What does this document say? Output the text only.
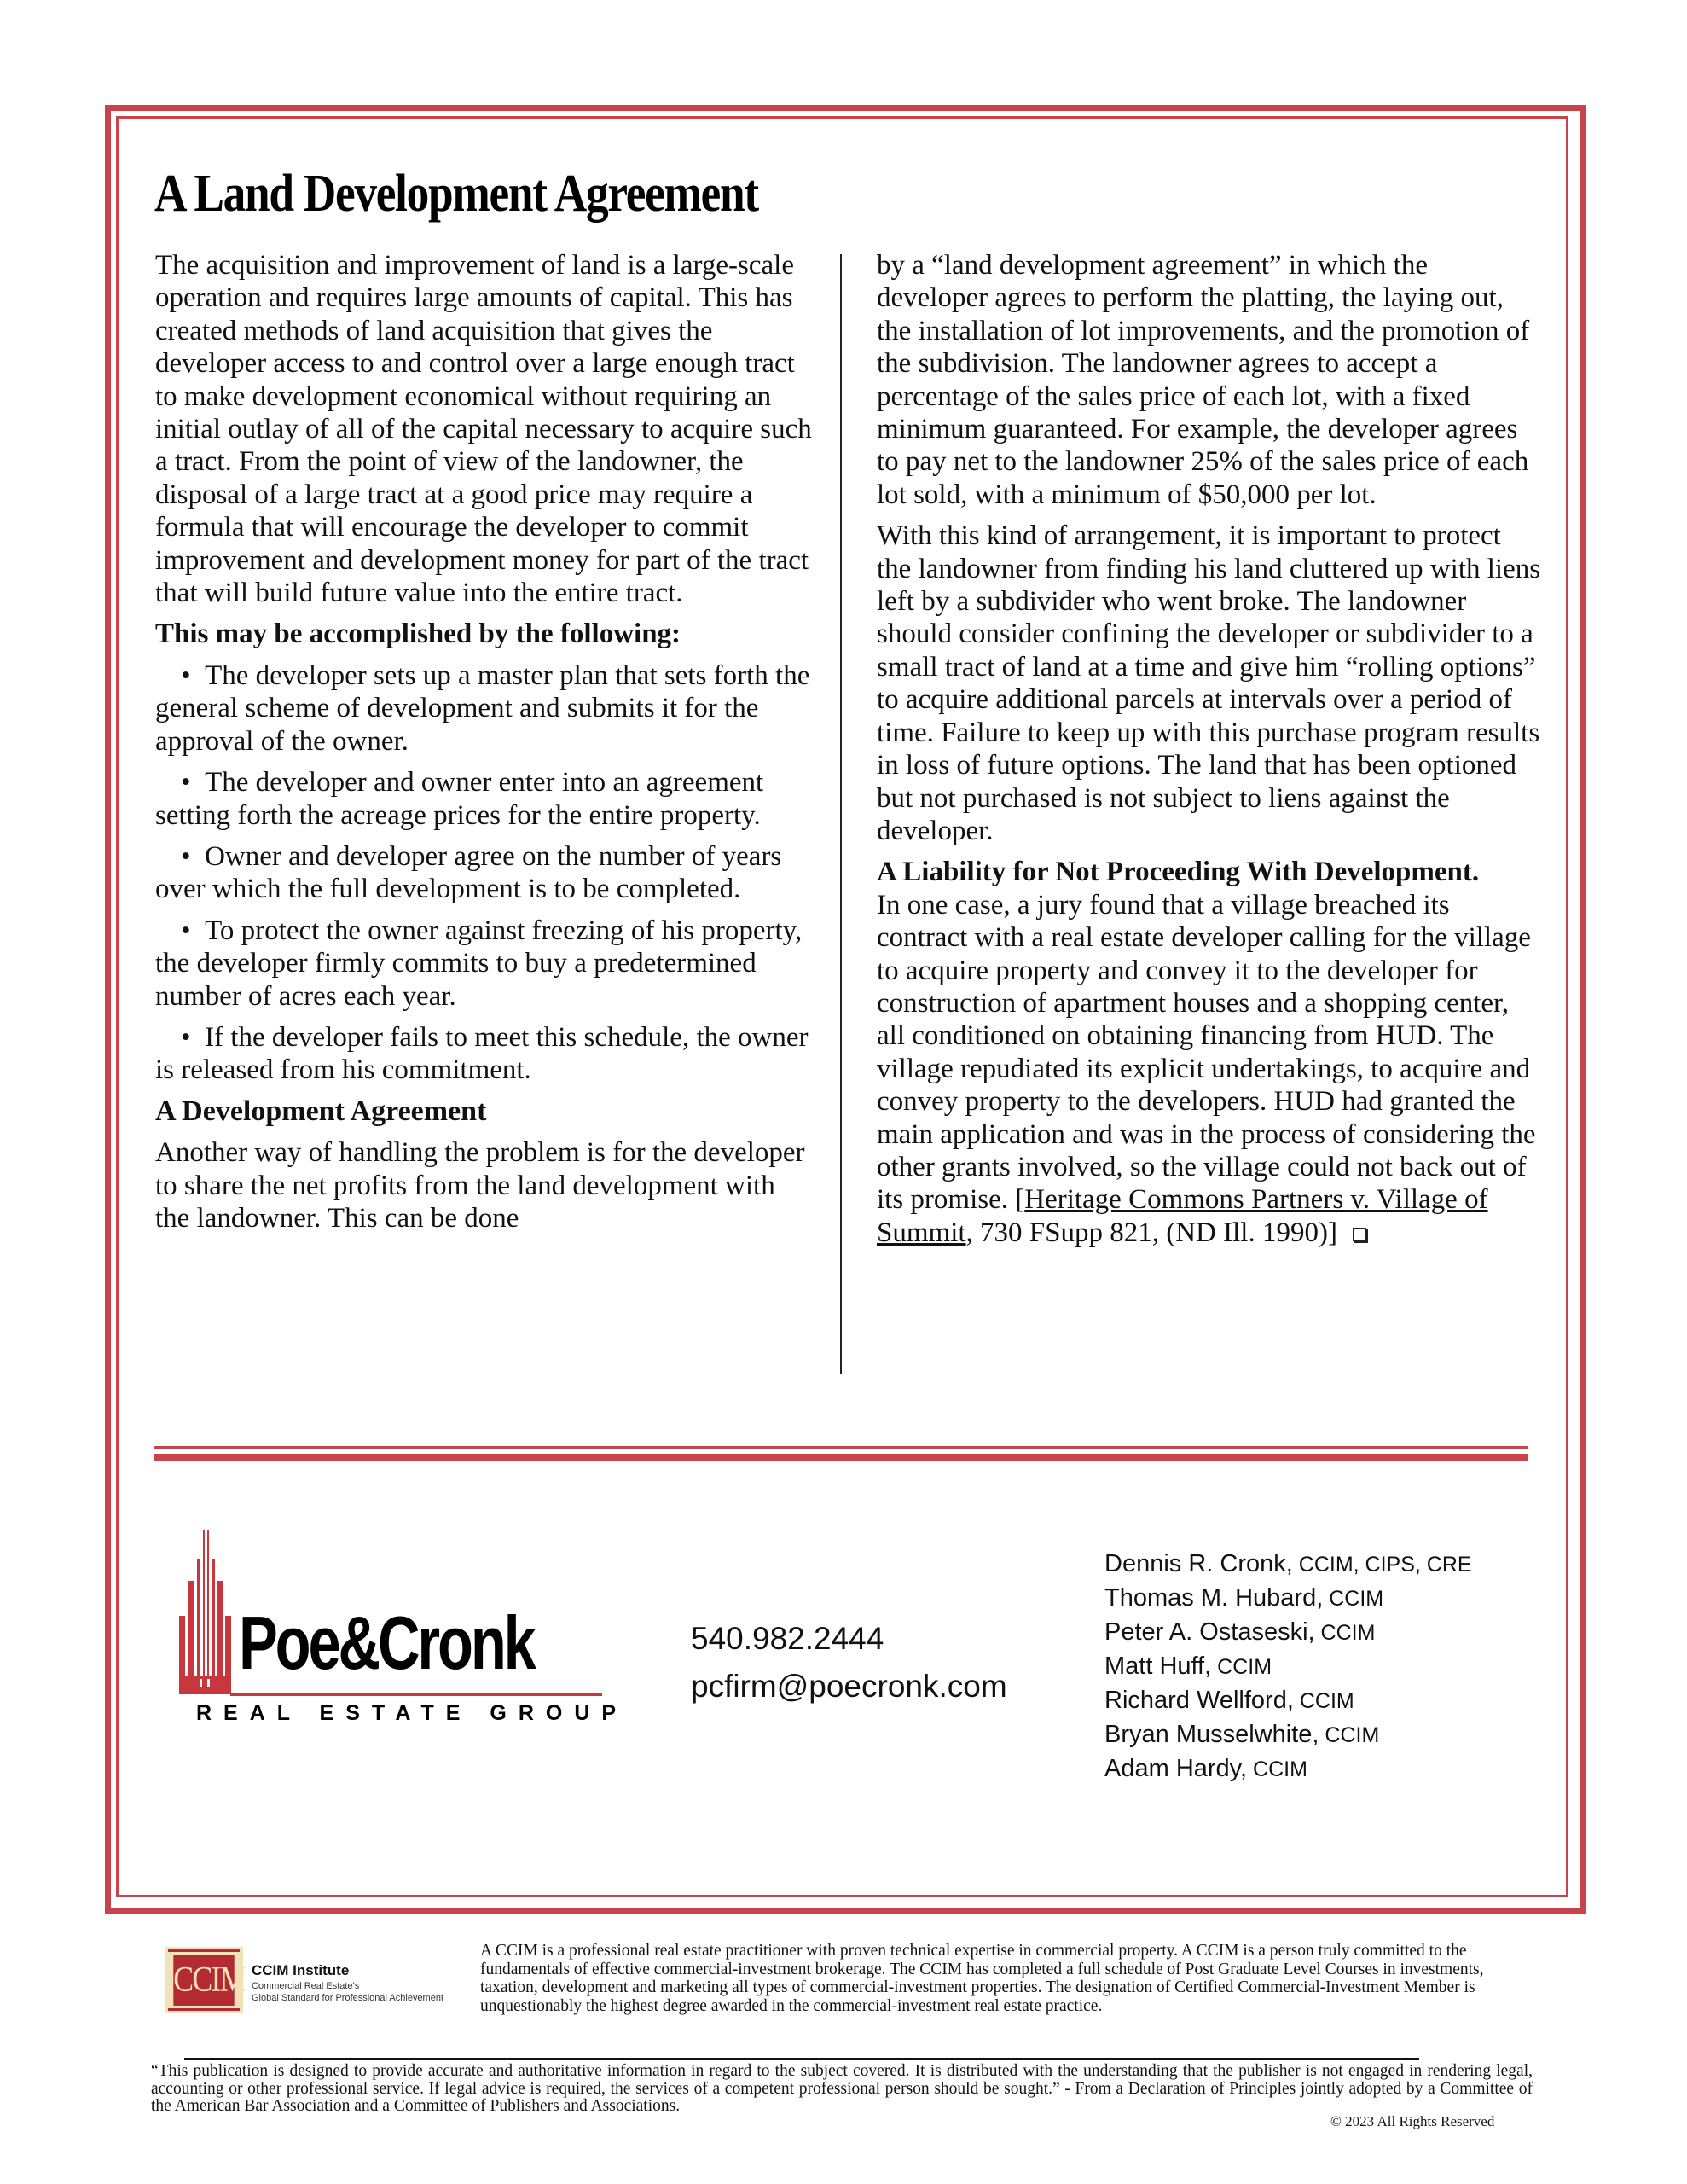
A Land Development Agreement

The acquisition and improvement of land is a large-scale operation and requires large amounts of capital. This has created methods of land acquisition that gives the developer access to and control over a large enough tract to make development economical without requiring an initial outlay of all of the capital necessary to acquire such a tract. From the point of view of the landowner, the disposal of a large tract at a good price may require a formula that will encourage the developer to commit improvement and development money for part of the tract that will build future value into the entire tract.

This may be accomplished by the following:

• The developer sets up a master plan that sets forth the general scheme of development and submits it for the approval of the owner.

• The developer and owner enter into an agreement setting forth the acreage prices for the entire property.

• Owner and developer agree on the number of years over which the full development is to be completed.

• To protect the owner against freezing of his property, the developer firmly commits to buy a predetermined number of acres each year.

• If the developer fails to meet this schedule, the owner is released from his commitment.

A Development Agreement

Another way of handling the problem is for the developer to share the net profits from the land development with the landowner. This can be done

by a “land development agreement” in which the developer agrees to perform the platting, the laying out, the installation of lot improvements, and the promotion of the subdivision. The landowner agrees to accept a percentage of the sales price of each lot, with a fixed minimum guaranteed. For example, the developer agrees to pay net to the landowner 25% of the sales price of each lot sold, with a minimum of $50,000 per lot.

With this kind of arrangement, it is important to protect the landowner from finding his land cluttered up with liens left by a subdivider who went broke. The landowner should consider confining the developer or subdivider to a small tract of land at a time and give him “rolling options” to acquire additional parcels at intervals over a period of time. Failure to keep up with this purchase program results in loss of future options. The land that has been optioned but not purchased is not subject to liens against the developer.

A Liability for Not Proceeding With Development.

In one case, a jury found that a village breached its contract with a real estate developer calling for the village to acquire property and convey it to the developer for construction of apartment houses and a shopping center, all conditioned on obtaining financing from HUD. The village repudiated its explicit undertakings, to acquire and convey property to the developers. HUD had granted the main application and was in the process of considering the other grants involved, so the village could not back out of its promise. [Heritage Commons Partners v. Village of Summit, 730 FSupp 821, (ND Ill. 1990)]

Poe&Cronk
REAL ESTATE GROUP
540.982.2444
pcfirm@poecronk.com
Dennis R. Cronk, CCIM, CIPS, CRE
Thomas M. Hubard, CCIM
Peter A. Ostaseski, CCIM
Matt Huff, CCIM
Richard Wellford, CCIM
Bryan Musselwhite, CCIM
Adam Hardy, CCIM
CCIM CCIM Institute
Commercial Real Estate's
Global Standard for Professional Achievement
A CCIM is a professional real estate practitioner with proven technical expertise in commercial property. A CCIM is a person truly committed to the fundamentals of effective commercial-investment brokerage. The CCIM has completed a full schedule of Post Graduate Level Courses in investments, taxation, development and marketing all types of commercial-investment properties. The designation of Certified Commercial-Investment Member is unquestionably the highest degree awarded in the commercial-investment real estate practice.
“This publication is designed to provide accurate and authoritative information in regard to the subject covered. It is distributed with the understanding that the publisher is not engaged in rendering legal, accounting or other professional service. If legal advice is required, the services of a competent professional person should be sought.” - From a Declaration of Principles jointly adopted by a Committee of the American Bar Association and a Committee of Publishers and Associations.
© 2023 All Rights Reserved
